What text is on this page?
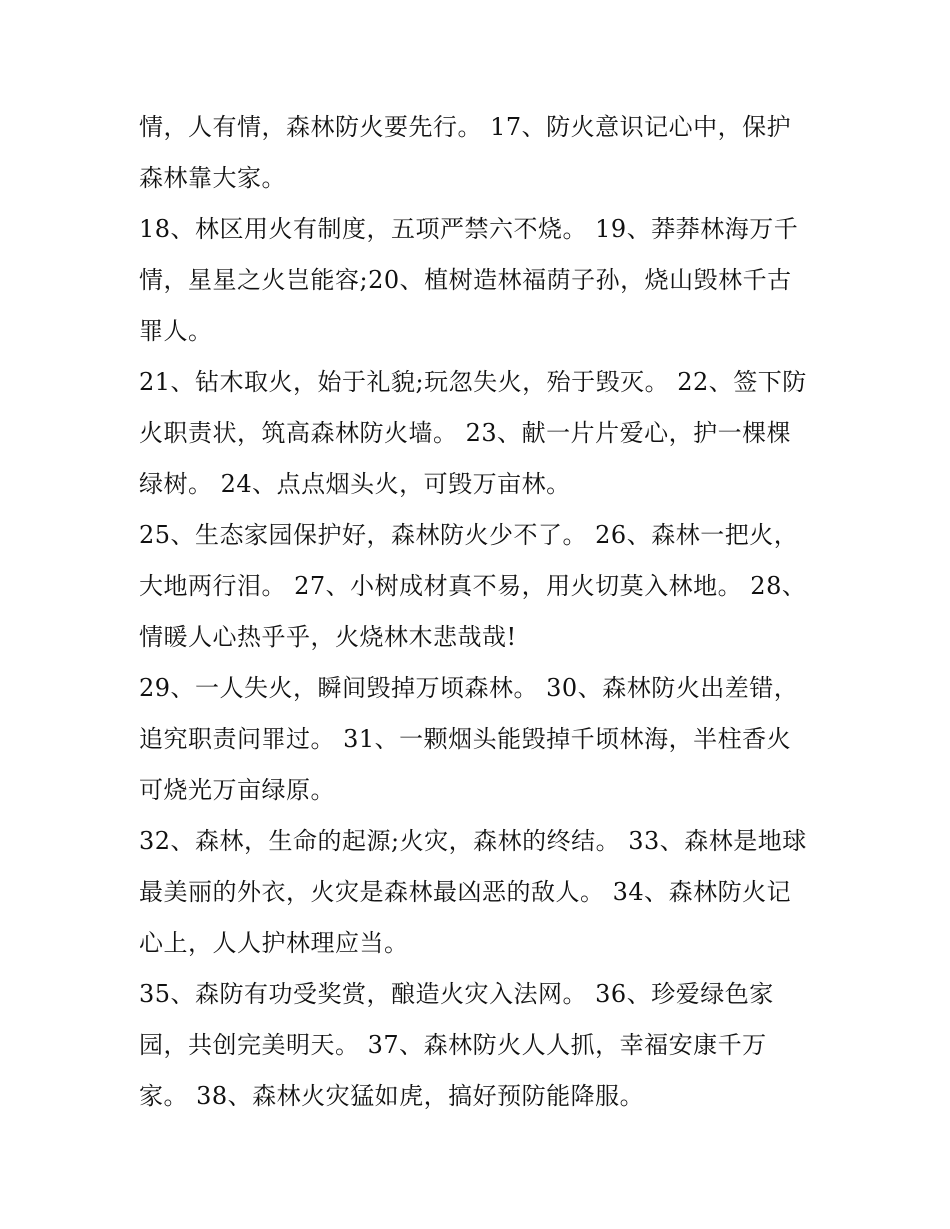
情，人有情，森林防火要先行。 17、防火意识记心中，保护
森林靠大家。
18、林区用火有制度，五项严禁六不烧。 19、莽莽林海万千
情，星星之火岂能容;20、植树造林福荫子孙，烧山毁林千古
罪人。
21、钻木取火，始于礼貌;玩忽失火，殆于毁灭。 22、签下防
火职责状，筑高森林防火墙。 23、献一片片爱心，护一棵棵
绿树。 24、点点烟头火，可毁万亩林。
25、生态家园保护好，森林防火少不了。 26、森林一把火，
大地两行泪。 27、小树成材真不易，用火切莫入林地。 28、
情暖人心热乎乎，火烧林木悲哉哉!
29、一人失火，瞬间毁掉万顷森林。 30、森林防火出差错，
追究职责问罪过。 31、一颗烟头能毁掉千顷林海，半柱香火
可烧光万亩绿原。
32、森林，生命的起源;火灾，森林的终结。 33、森林是地球
最美丽的外衣，火灾是森林最凶恶的敌人。 34、森林防火记
心上，人人护林理应当。
35、森防有功受奖赏，酿造火灾入法网。 36、珍爱绿色家
园，共创完美明天。 37、森林防火人人抓，幸福安康千万
家。 38、森林火灾猛如虎，搞好预防能降服。
